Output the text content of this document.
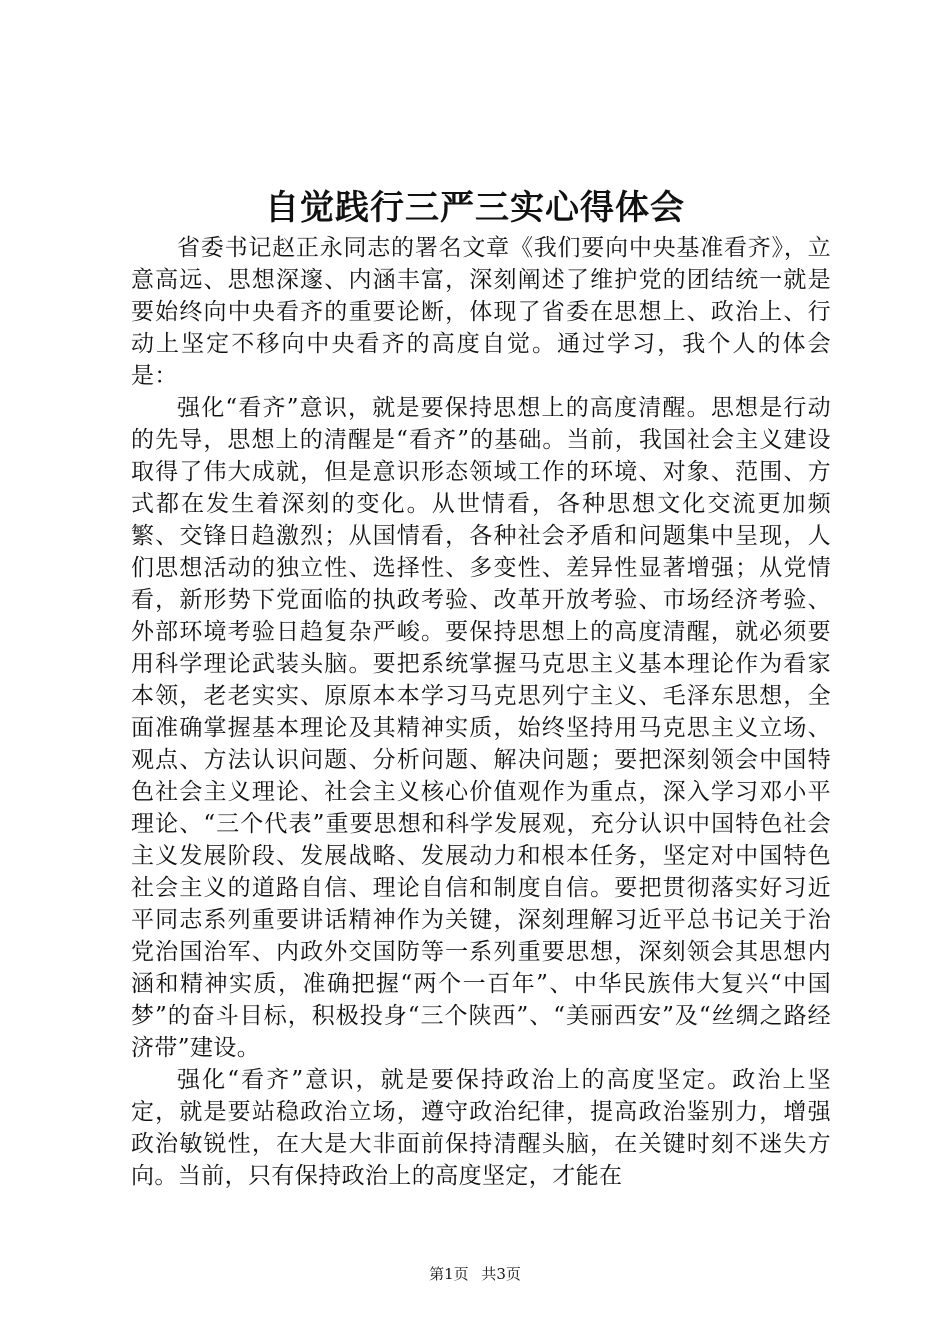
自觉践行三严三实心得体会

省委书记赵正永同志的署名文章《我们要向中央基准看齐》，立意高远、思想深邃、内涵丰富，深刻阐述了维护党的团结统一就是要始终向中央看齐的重要论断，体现了省委在思想上、政治上、行动上坚定不移向中央看齐的高度自觉。通过学习，我个人的体会是：

强化“看齐”意识，就是要保持思想上的高度清醒。思想是行动的先导，思想上的清醒是“看齐”的基础。当前，我国社会主义建设取得了伟大成就，但是意识形态领域工作的环境、对象、范围、方式都在发生着深刻的变化。从世情看，各种思想文化交流更加频繁、交锋日趋激烈；从国情看，各种社会矛盾和问题集中呈现，人们思想活动的独立性、选择性、多变性、差异性显著增强；从党情看，新形势下党面临的执政考验、改革开放考验、市场经济考验、外部环境考验日趋复杂严峻。要保持思想上的高度清醒，就必须要用科学理论武装头脑。要把系统掌握马克思主义基本理论作为看家本领，老老实实、原原本本学习马克思列宁主义、毛泽东思想，全面准确掌握基本理论及其精神实质，始终坚持用马克思主义立场、观点、方法认识问题、分析问题、解决问题；要把深刻领会中国特色社会主义理论、社会主义核心价值观作为重点，深入学习邓小平理论、“三个代表”重要思想和科学发展观，充分认识中国特色社会主义发展阶段、发展战略、发展动力和根本任务，坚定对中国特色社会主义的道路自信、理论自信和制度自信。要把贯彻落实好习近平同志系列重要讲话精神作为关键，深刻理解习近平总书记关于治党治国治军、内政外交国防等一系列重要思想，深刻领会其思想内涵和精神实质，准确把握“两个一百年”、中华民族伟大复兴“中国梦”的奋斗目标，积极投身“三个陕西”、“美丽西安”及“丝绸之路经济带”建设。

强化“看齐”意识，就是要保持政治上的高度坚定。政治上坚定，就是要站稳政治立场，遵守政治纪律，提高政治鉴别力，增强政治敏锐性，在大是大非面前保持清醒头脑，在关键时刻不迷失方向。当前，只有保持政治上的高度坚定，才能在

第1页 共3页
